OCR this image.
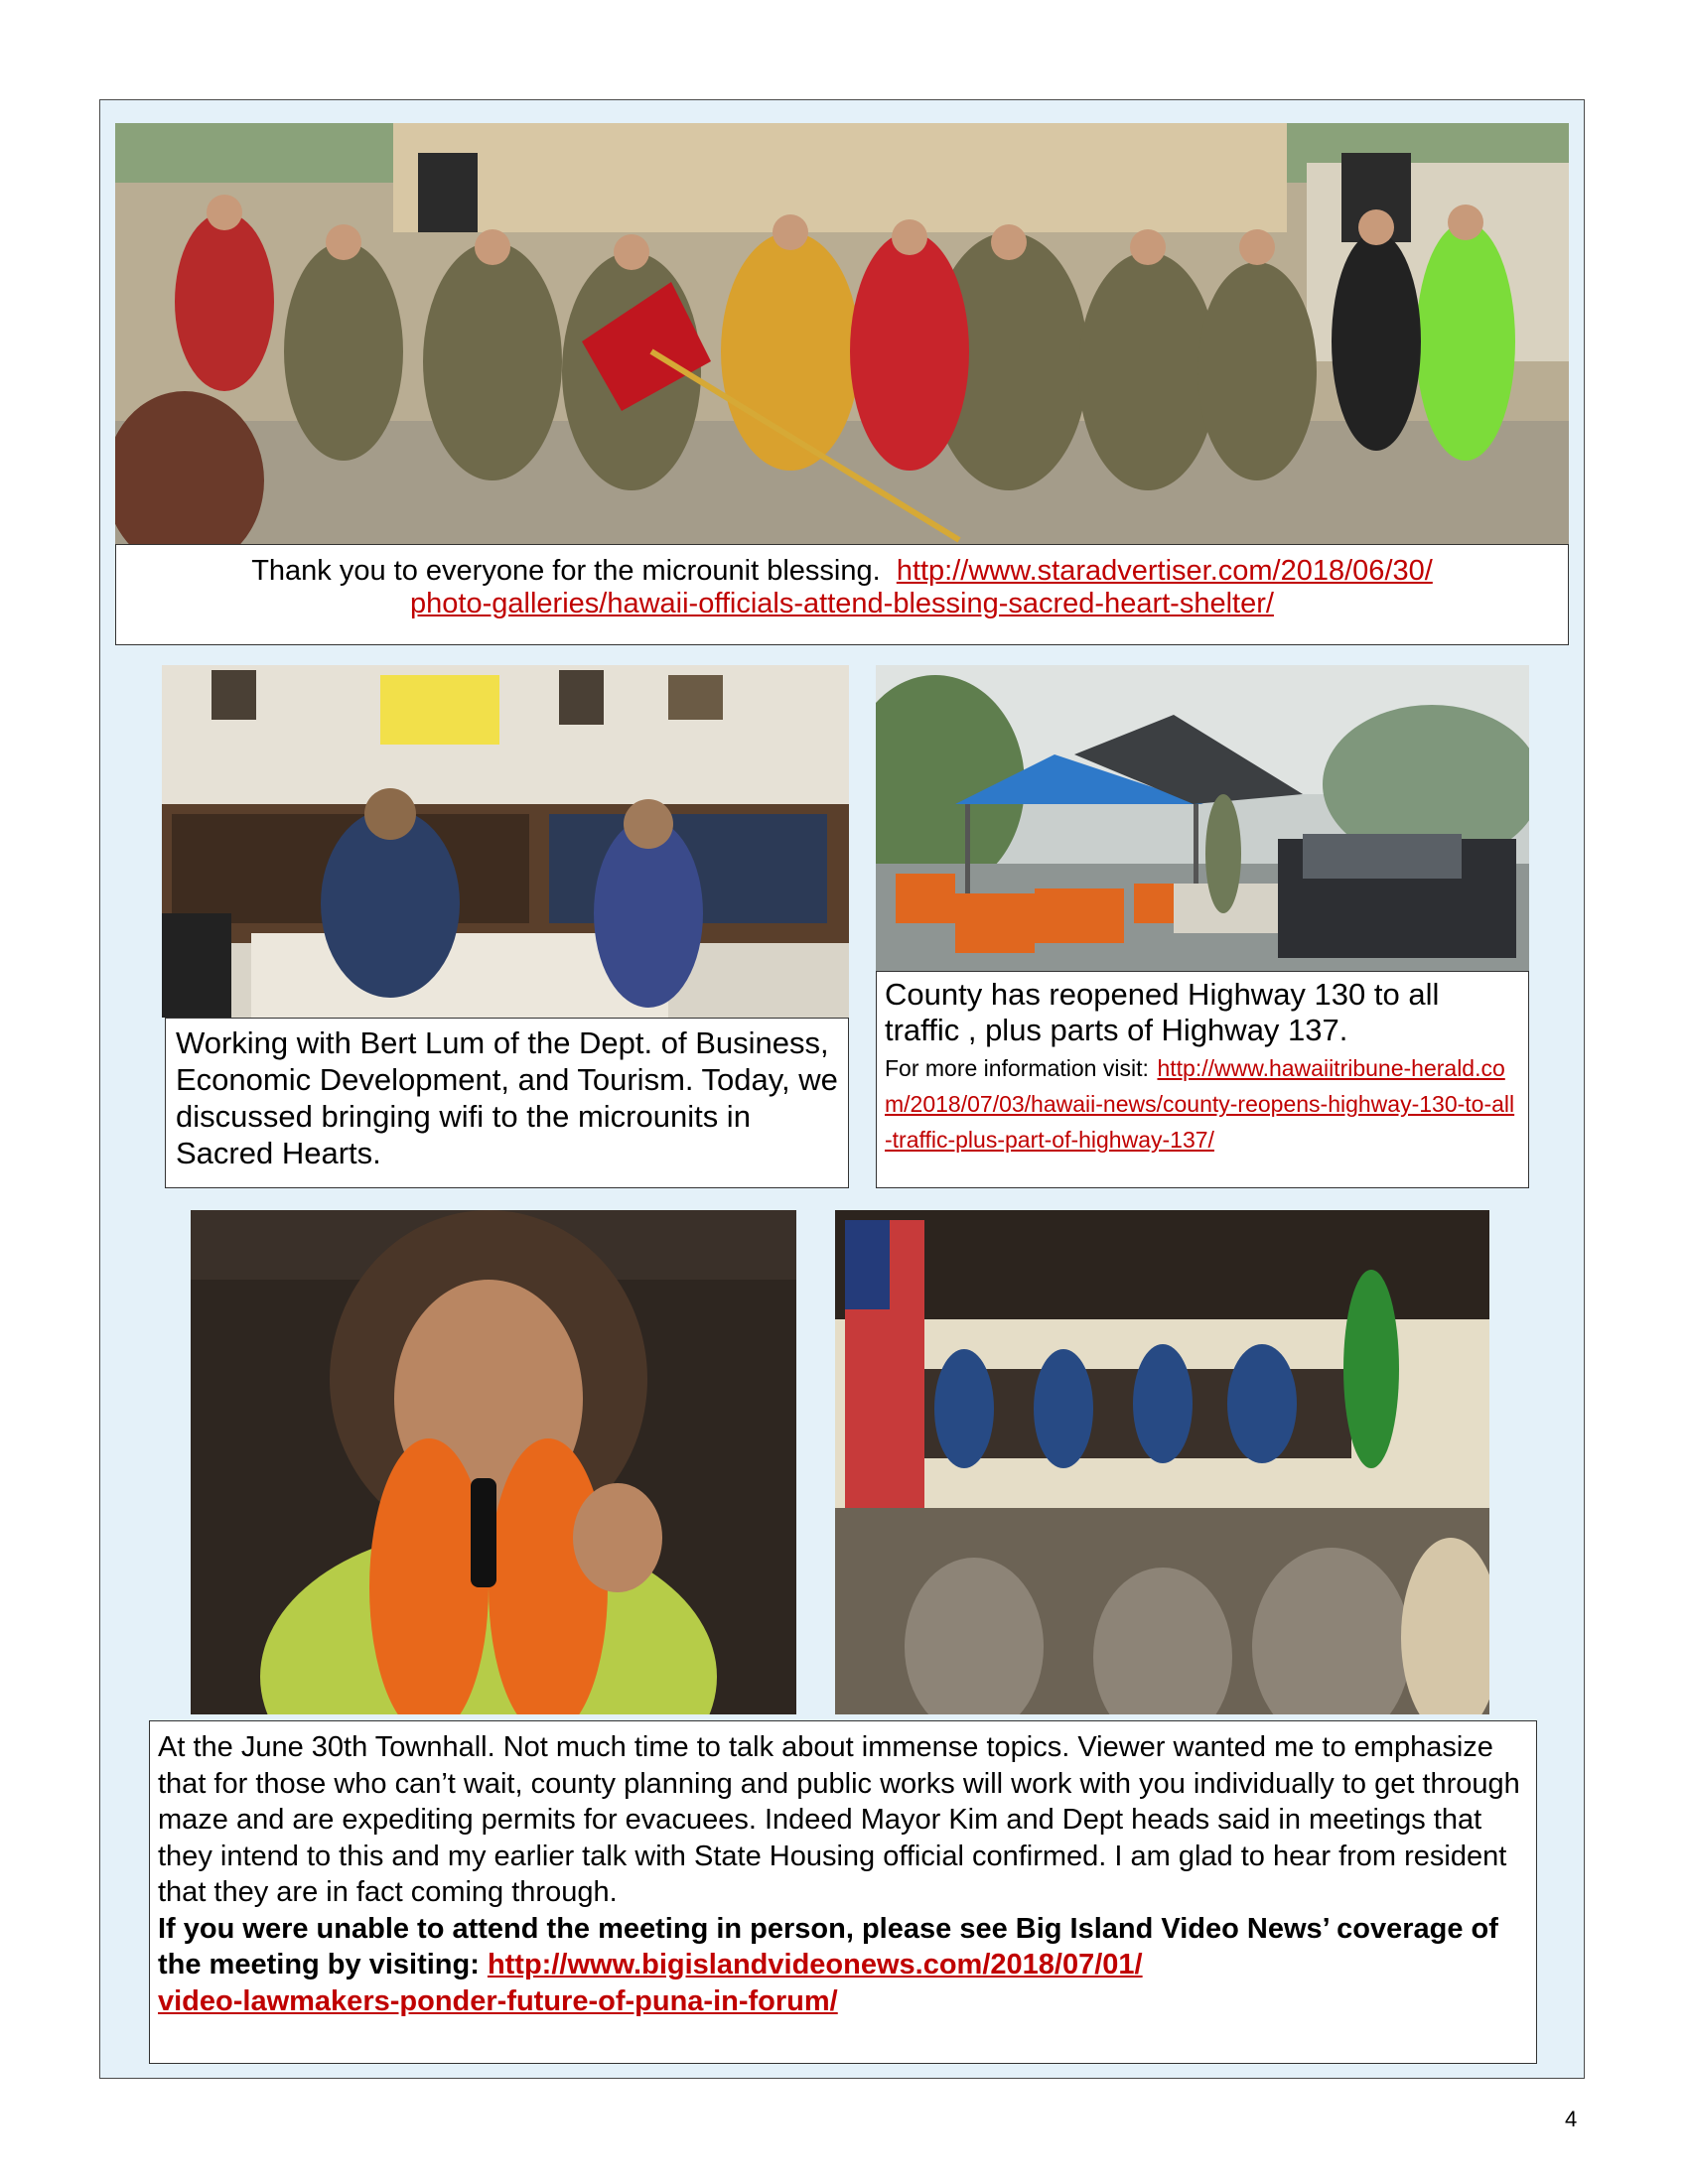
Thank you to everyone for the microunit blessing. http://www.staradvertiser.com/2018/06/30/
photo-galleries/hawaii-officials-attend-blessing-sacred-heart-shelter/
Working with Bert Lum of the Dept. of Business, Economic Development, and Tourism. Today, we discussed bringing wifi to the microunits in Sacred Hearts.
County has reopened Highway 130 to all traffic , plus parts of Highway 137.
For more information visit: http://www.hawaiitribune-herald.com/2018/07/03/hawaii-news/county-reopens-highway-130-to-all-traffic-plus-part-of-highway-137/
At the June 30th Townhall. Not much time to talk about immense topics. Viewer wanted me to emphasize that for those who can’t wait, county planning and public works will work with you individually to get through maze and are expediting permits for evacuees. Indeed Mayor Kim and Dept heads said in meetings that they intend to this and my earlier talk with State Housing official confirmed. I am glad to hear from resident that they are in fact coming through.
If you were unable to attend the meeting in person, please see Big Island Video News’ coverage of the meeting by visiting: http://www.bigislandvideonews.com/2018/07/01/
video-lawmakers-ponder-future-of-puna-in-forum/
4
